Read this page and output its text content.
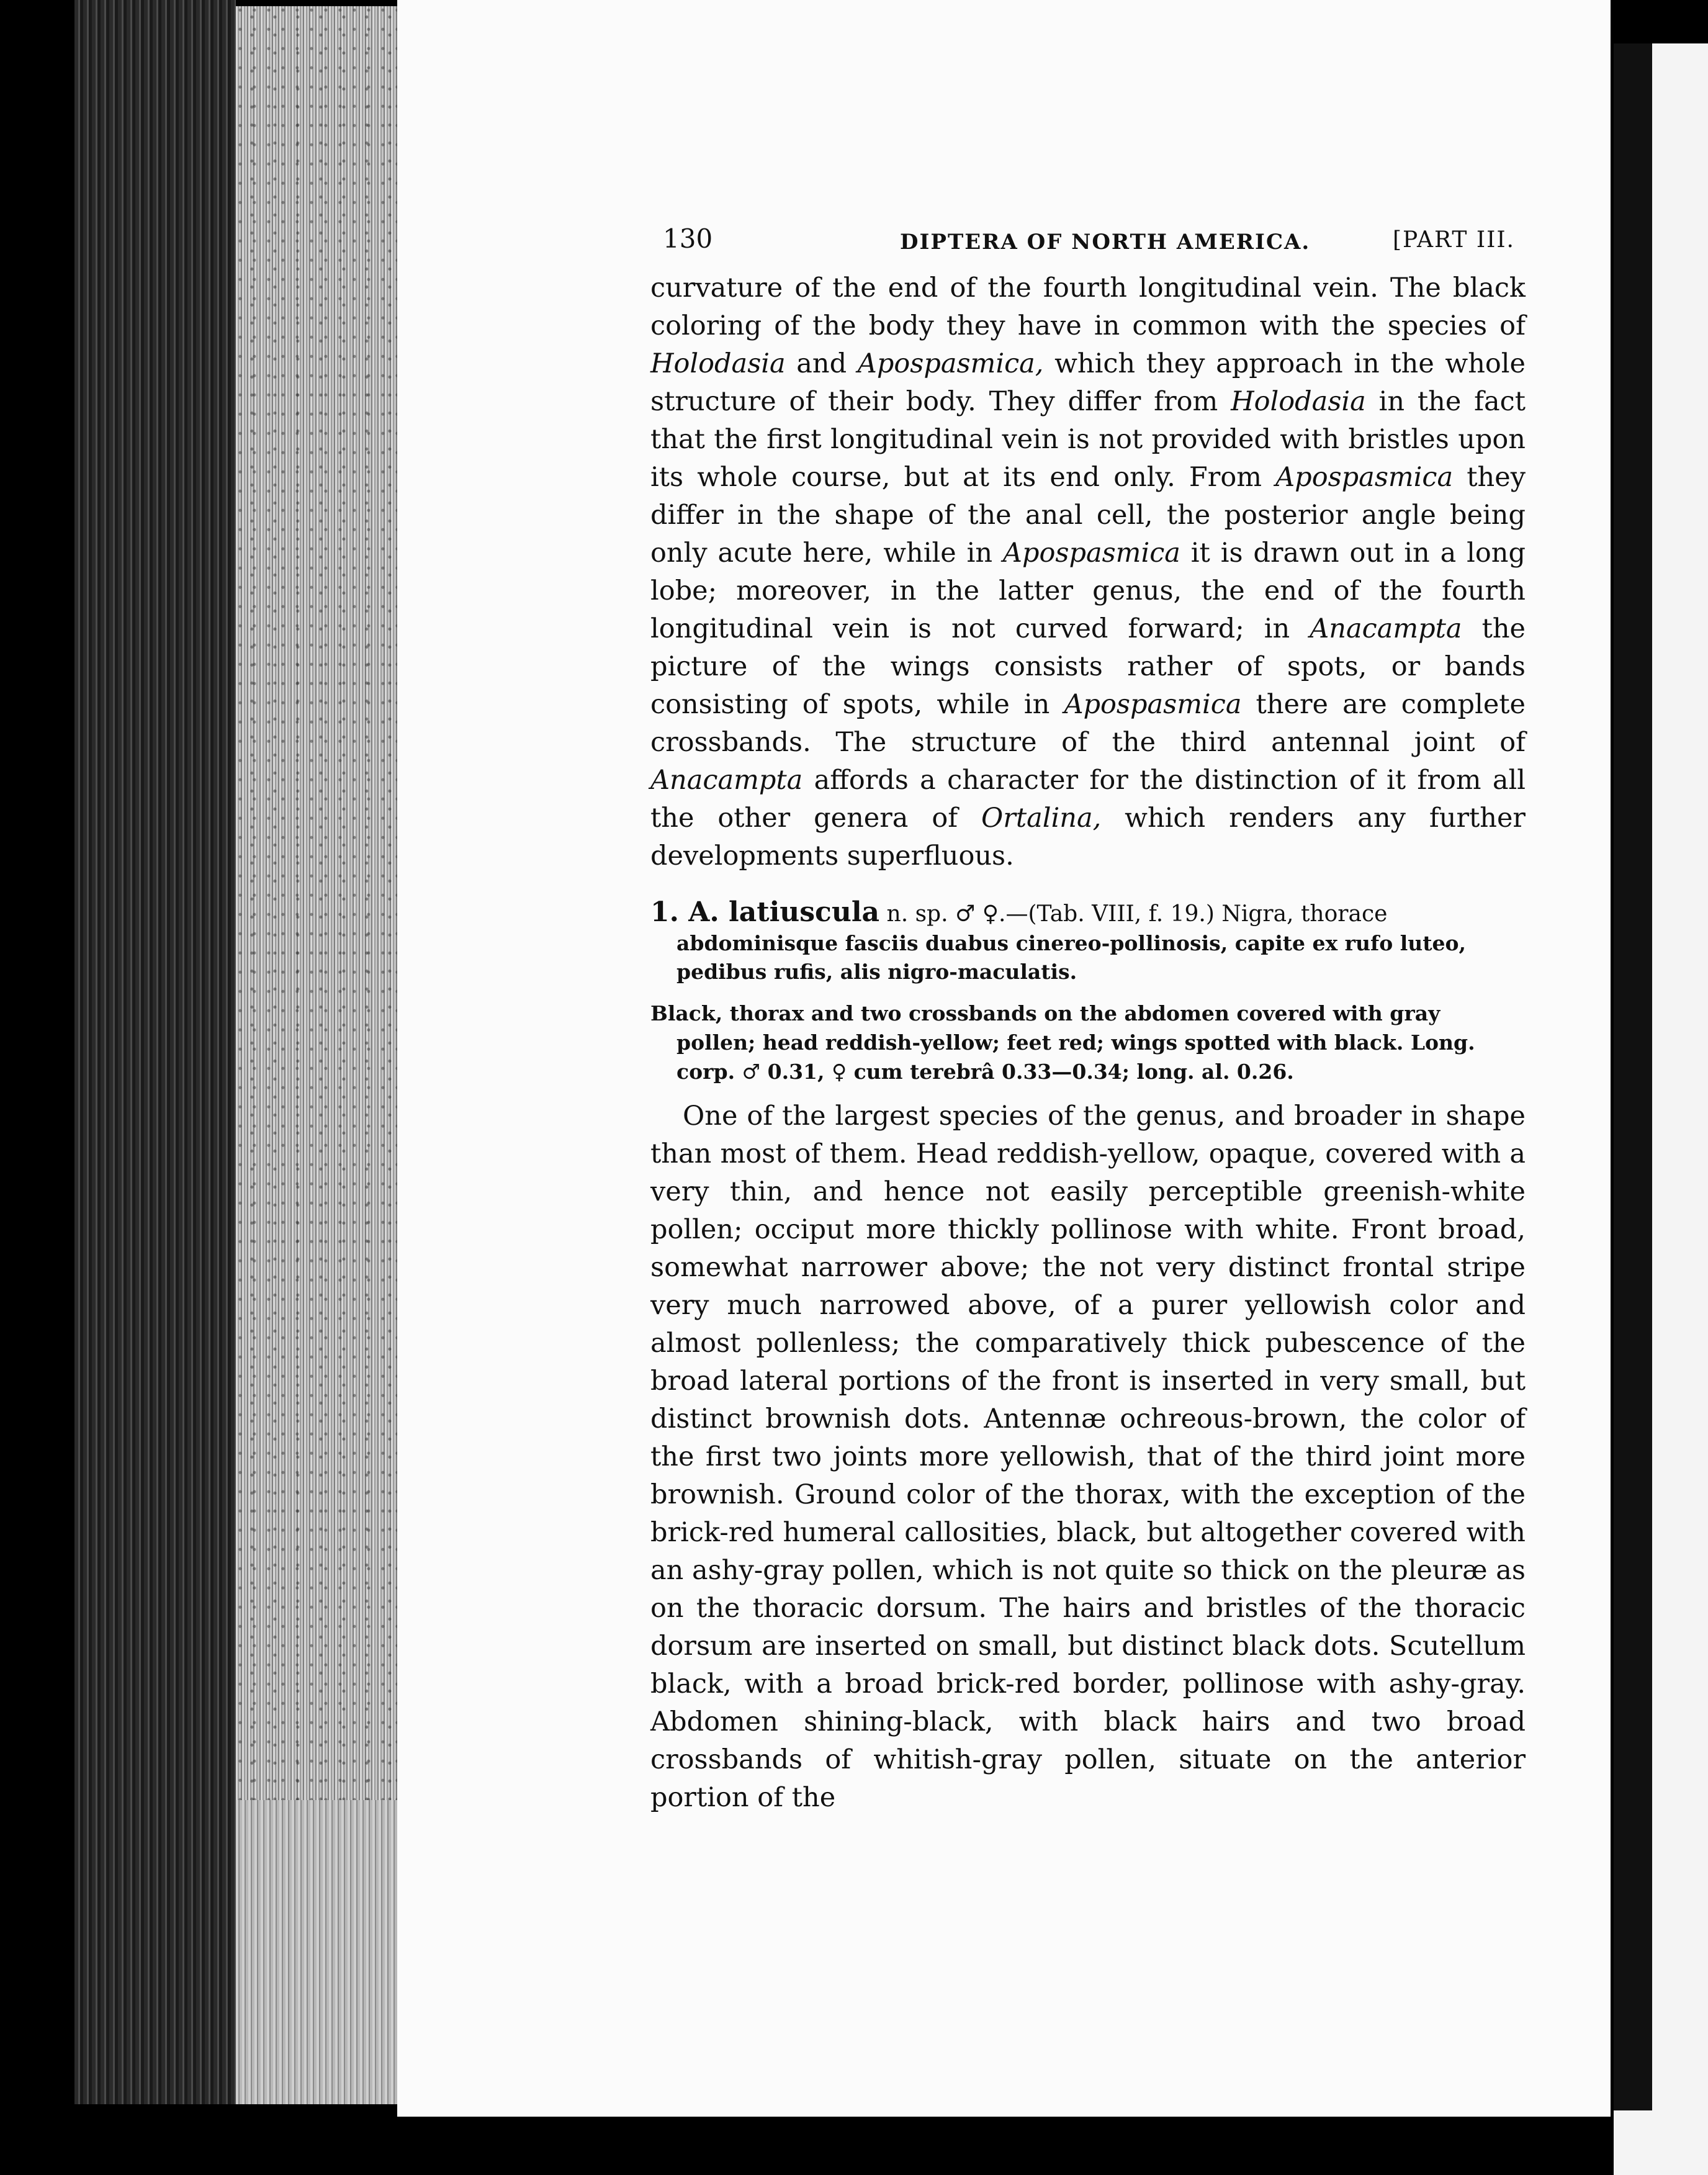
130	DIPTERA OF NORTH AMERICA.	[PART III.

curvature of the end of the fourth longitudinal vein. The black coloring of the body they have in common with the species of Holodasia and Apospasmica, which they approach in the whole structure of their body. They differ from Holodasia in the fact that the first longitudinal vein is not provided with bristles upon its whole course, but at its end only. From Apospasmica they differ in the shape of the anal cell, the posterior angle being only acute here, while in Apospasmica it is drawn out in a long lobe; moreover, in the latter genus, the end of the fourth longitudinal vein is not curved forward; in Anacampta the picture of the wings consists rather of spots, or bands consisting of spots, while in Apospasmica there are complete crossbands. The structure of the third antennal joint of Anacampta affords a character for the distinction of it from all the other genera of Ortalina, which renders any further developments superfluous.

1. A. latiuscula n. sp. ♂ ♀.—(Tab. VIII, f. 19.) Nigra, thorace

abdominisque fasciis duabus cinereo-pollinosis, capite ex rufo luteo,

pedibus rufis, alis nigro-maculatis.

Black, thorax and two crossbands on the abdomen covered with gray

pollen; head reddish-yellow; feet red; wings spotted with black. Long.

corp. ♂ 0.31, ♀ cum terebrâ 0.33—0.34; long. al. 0.26.

One of the largest species of the genus, and broader in shape than most of them. Head reddish-yellow, opaque, covered with a very thin, and hence not easily perceptible greenish-white pollen; occiput more thickly pollinose with white. Front broad, somewhat narrower above; the not very distinct frontal stripe very much narrowed above, of a purer yellowish color and almost pollenless; the comparatively thick pubescence of the broad lateral portions of the front is inserted in very small, but distinct brownish dots. Antennæ ochreous-brown, the color of the first two joints more yellowish, that of the third joint more brownish. Ground color of the thorax, with the exception of the brick-red humeral callosities, black, but altogether covered with an ashy-gray pollen, which is not quite so thick on the pleuræ as on the thoracic dorsum. The hairs and bristles of the thoracic dorsum are inserted on small, but distinct black dots. Scutellum black, with a broad brick-red border, pollinose with ashy-gray. Abdomen shining-black, with black hairs and two broad crossbands of whitish-gray pollen, situate on the anterior portion of the
